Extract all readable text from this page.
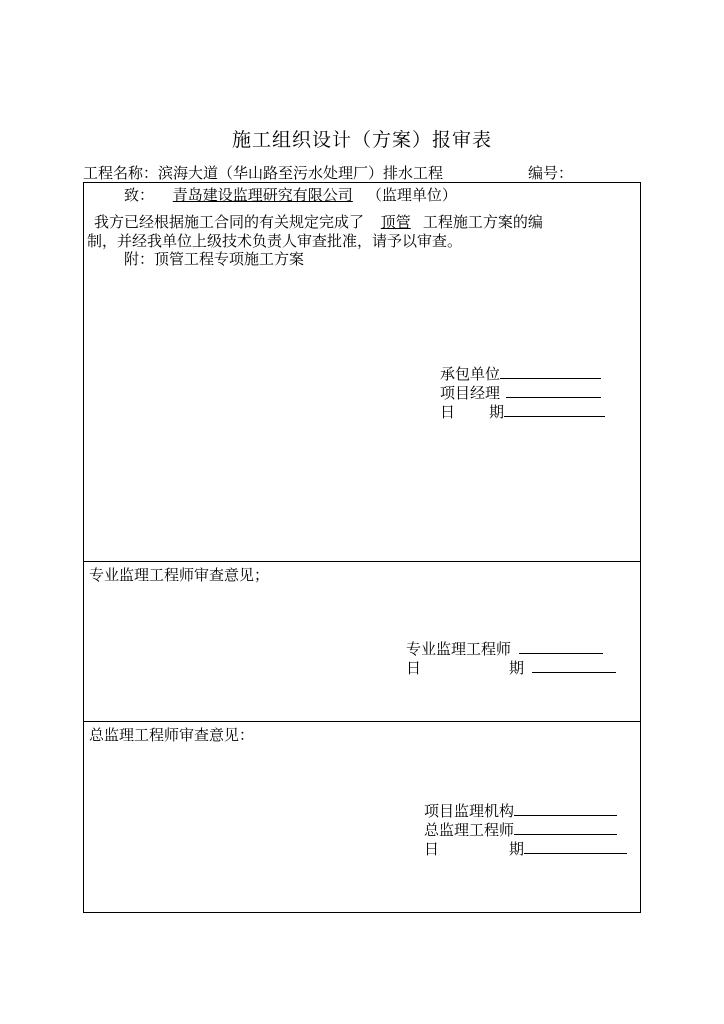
施工组织设计（方案）报审表
工程名称：滨海大道（华山路至污水处理厂）排水工程	编号：
致： 青岛建设监理研究有限公司 （监理单位）
我方已经根据施工合同的有关规定完成了 顶管 工程施工方案的编
制，并经我单位上级技术负责人审查批准，请予以审查。
附：顶管工程专项施工方案
承包单位
项目经理
日 期
专业监理工程师审查意见；
专业监理工程师
日	期
总监理工程师审查意见：
项目监理机构
总监理工程师
日	期
